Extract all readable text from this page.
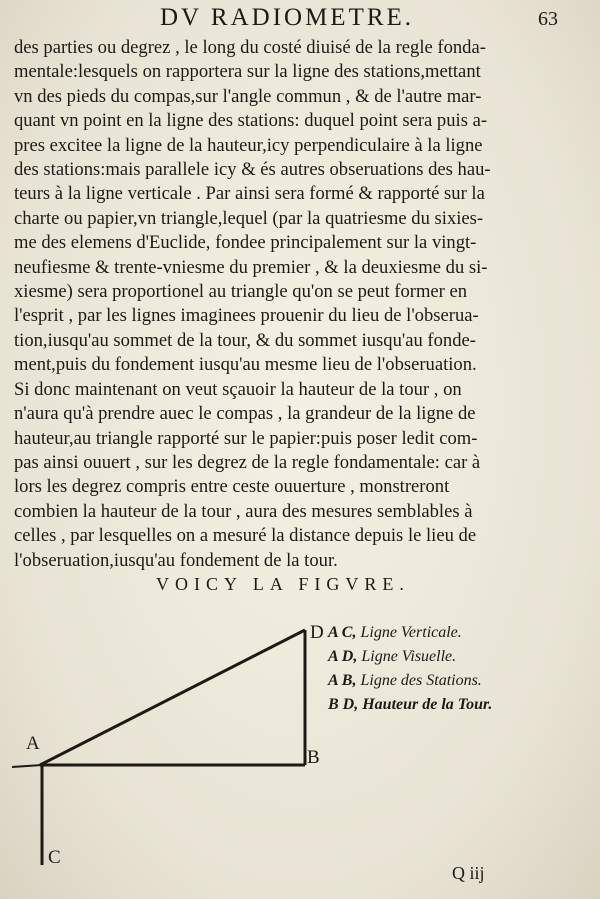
DV RADIOMETRE.	63

des parties ou degrez , le long du costé diuisé de la regle fonda-
mentale:lesquels on rapportera sur la ligne des stations,mettant
vn des pieds du compas,sur l'angle commun , & de l'autre mar-
quant vn point en la ligne des stations: duquel point sera puis a-
pres excitee la ligne de la hauteur,icy perpendiculaire à la ligne
des stations:mais parallele icy & és autres obseruations des hau-
teurs à la ligne verticale . Par ainsi sera formé & rapporté sur la
charte ou papier,vn triangle,lequel (par la quatriesme du sixies-
me des elemens d'Euclide, fondee principalement sur la vingt-
neufiesme & trente-vniesme du premier , & la deuxiesme du si-
xiesme) sera proportionel au triangle qu'on se peut former en
l'esprit , par les lignes imaginees prouenir du lieu de l'obserua-
tion,iusqu'au sommet de la tour, & du sommet iusqu'au fonde-
ment,puis du fondement iusqu'au mesme lieu de l'obseruation.
Si donc maintenant on veut sçauoir la hauteur de la tour , on
n'aura qu'à prendre auec le compas , la grandeur de la ligne de
hauteur,au triangle rapporté sur le papier:puis poser ledit com-
pas ainsi ouuert , sur les degrez de la regle fondamentale: car à
lors les degrez compris entre ceste ouuerture , monstreront
combien la hauteur de la tour , aura des mesures semblables à
celles , par lesquelles on a mesuré la distance depuis le lieu de
l'obseruation,iusqu'au fondement de la tour.

VOICY LA FIGVRE.
A
B
C
D A C, Ligne Verticale.
A D, Ligne Visuelle.
A B, Ligne des Stations.
B D, Hauteur de la Tour.
Q iij
